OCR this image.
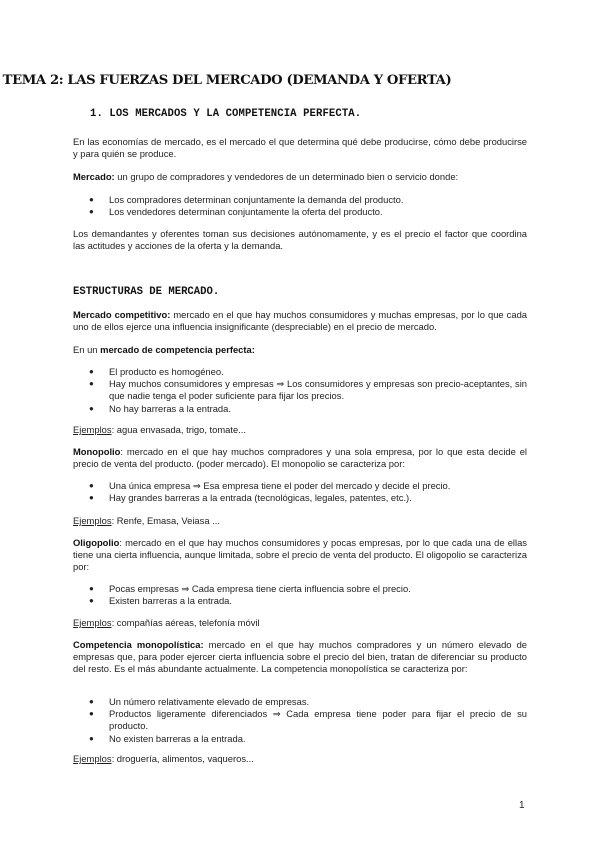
TEMA 2: LAS FUERZAS DEL MERCADO (DEMANDA Y OFERTA)
1. LOS MERCADOS Y LA COMPETENCIA PERFECTA.

En las economías de mercado, es el mercado el que determina qué debe producirse, cómo debe producirse y para quién se produce.

Mercado: un grupo de compradores y vendedores de un determinado bien o servicio donde:

● Los compradores determinan conjuntamente la demanda del producto.
● Los vendedores determinan conjuntamente la oferta del producto.

Los demandantes y oferentes toman sus decisiones autónomamente, y es el precio el factor que coordina las actitudes y acciones de la oferta y la demanda.

ESTRUCTURAS DE MERCADO.

Mercado competitivo: mercado en el que hay muchos consumidores y muchas empresas, por lo que cada uno de ellos ejerce una influencia insignificante (despreciable) en el precio de mercado.

En un mercado de competencia perfecta:

● El producto es homogéneo.
● Hay muchos consumidores y empresas ⇒ Los consumidores y empresas son precio-aceptantes, sin que nadie tenga el poder suficiente para fijar los precios.
● No hay barreras a la entrada.

Ejemplos: agua envasada, trigo, tomate...

Monopolio: mercado en el que hay muchos compradores y una sola empresa, por lo que esta decide el precio de venta del producto. (poder mercado). El monopolio se caracteriza por:

● Una única empresa ⇒ Esa empresa tiene el poder del mercado y decide el precio.
● Hay grandes barreras a la entrada (tecnológicas, legales, patentes, etc.).

Ejemplos: Renfe, Emasa, Veiasa ...

Oligopolio: mercado en el que hay muchos consumidores y pocas empresas, por lo que cada una de ellas tiene una cierta influencia, aunque limitada, sobre el precio de venta del producto. El oligopolio se caracteriza por:

● Pocas empresas ⇒ Cada empresa tiene cierta influencia sobre el precio.
● Existen barreras a la entrada.

Ejemplos: compañías aéreas, telefonía móvil

Competencia monopolística: mercado en el que hay muchos compradores y un número elevado de empresas que, para poder ejercer cierta influencia sobre el precio del bien, tratan de diferenciar su producto del resto. Es el más abundante actualmente. La competencia monopolística se caracteriza por:

● Un número relativamente elevado de empresas.
● Productos ligeramente diferenciados ⇒ Cada empresa tiene poder para fijar el precio de su producto.
● No existen barreras a la entrada.

Ejemplos: droguería, alimentos, vaqueros...

1
